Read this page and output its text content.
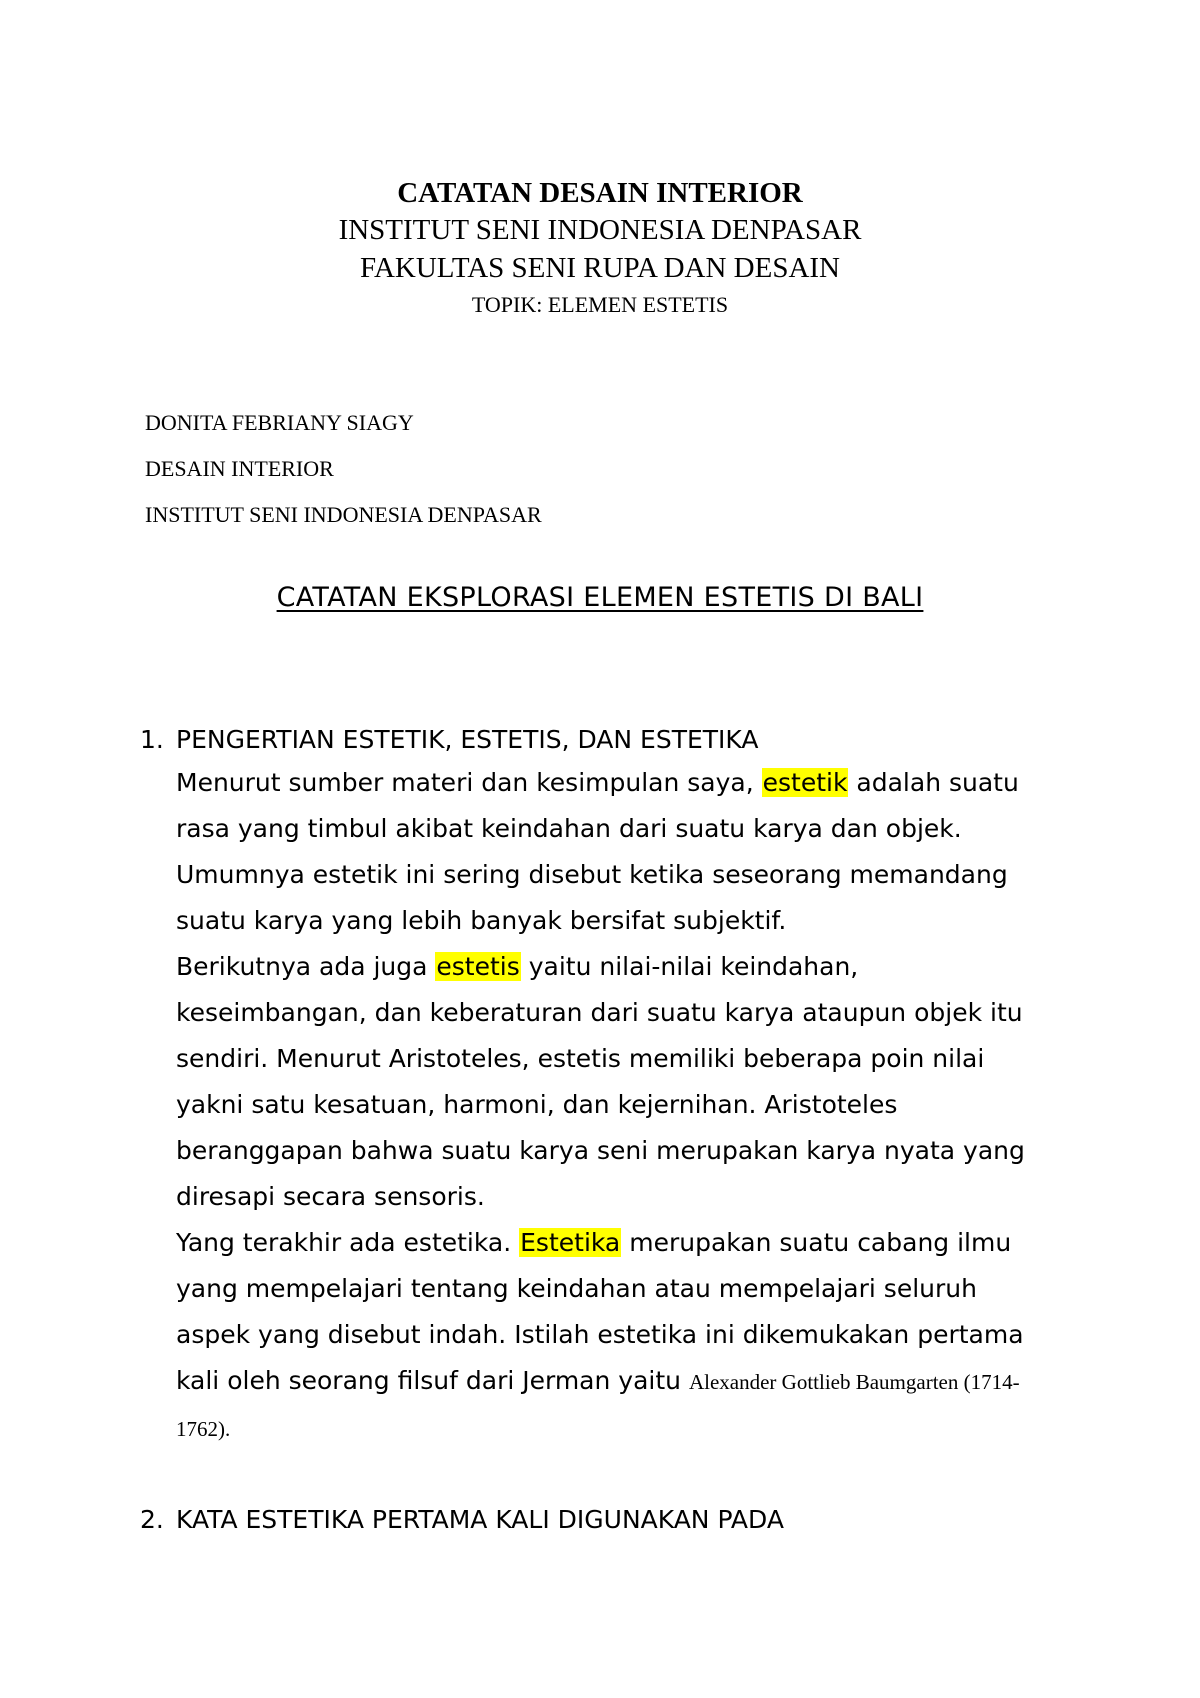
CATATAN DESAIN INTERIOR
INSTITUT SENI INDONESIA DENPASAR
FAKULTAS SENI RUPA DAN DESAIN
TOPIK: ELEMEN ESTETIS
DONITA FEBRIANY SIAGY
DESAIN INTERIOR
INSTITUT SENI INDONESIA DENPASAR
CATATAN EKSPLORASI ELEMEN ESTETIS DI BALI
1. PENGERTIAN ESTETIK, ESTETIS, DAN ESTETIKA

Menurut sumber materi dan kesimpulan saya, estetik adalah suatu rasa yang timbul akibat keindahan dari suatu karya dan objek. Umumnya estetik ini sering disebut ketika seseorang memandang suatu karya yang lebih banyak bersifat subjektif.

Berikutnya ada juga estetis yaitu nilai-nilai keindahan, keseimbangan, dan keberaturan dari suatu karya ataupun objek itu sendiri. Menurut Aristoteles, estetis memiliki beberapa poin nilai yakni satu kesatuan, harmoni, dan kejernihan. Aristoteles beranggapan bahwa suatu karya seni merupakan karya nyata yang diresapi secara sensoris.

Yang terakhir ada estetika. Estetika merupakan suatu cabang ilmu yang mempelajari tentang keindahan atau mempelajari seluruh aspek yang disebut indah. Istilah estetika ini dikemukakan pertama kali oleh seorang filsuf dari Jerman yaitu Alexander Gottlieb Baumgarten (1714-1762).

2. KATA ESTETIKA PERTAMA KALI DIGUNAKAN PADA
